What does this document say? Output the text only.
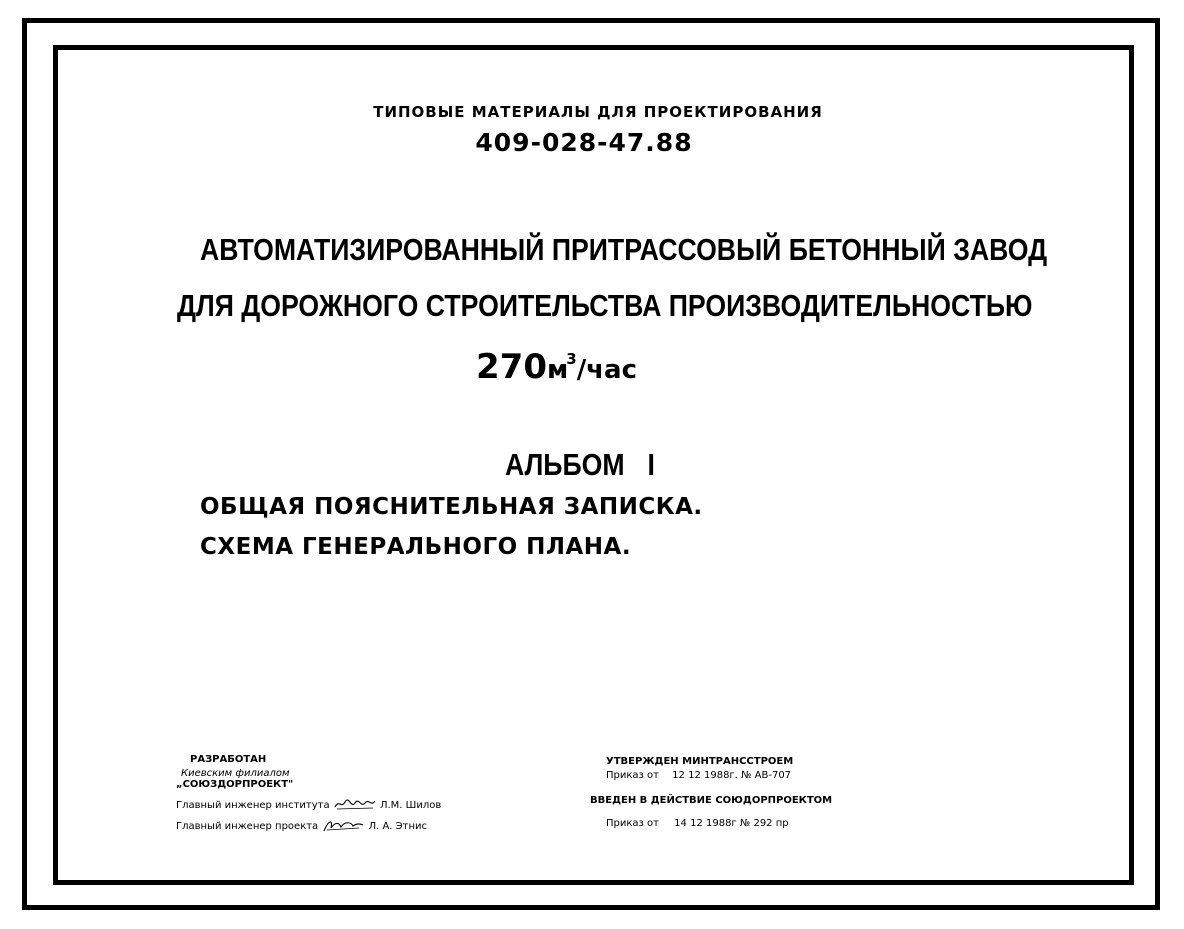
ТИПОВЫЕ МАТЕРИАЛЫ ДЛЯ ПРОЕКТИРОВАНИЯ
409-028-47.88
АВТОМАТИЗИРОВАННЫЙ ПРИТРАССОВЫЙ БЕТОННЫЙ ЗАВОД
ДЛЯ ДОРОЖНОГО СТРОИТЕЛЬСТВА ПРОИЗВОДИТЕЛЬНОСТЬЮ
$270м^3$/час
АЛЬБОМ I
ОБЩАЯ ПОЯСНИТЕЛЬНАЯ ЗАПИСКА.
СХЕМА ГЕНЕРАЛЬНОГО ПЛАНА.
РАЗРАБОТАН
Киевским филиалом
„СОЮЗДОРПРОЕКТ"
Главный инженер института	Л.М. Шилов
Главный инженер проекта	Л. А. Этнис
УТВЕРЖДЕН МИНТРАНССТРОЕМ
Приказ от 12 12 1988г. № АВ-707
ВВЕДЕН В ДЕЙСТВИЕ СОЮДОРПРОЕКТОМ
Приказ от 14 12 1988г № 292 пр
